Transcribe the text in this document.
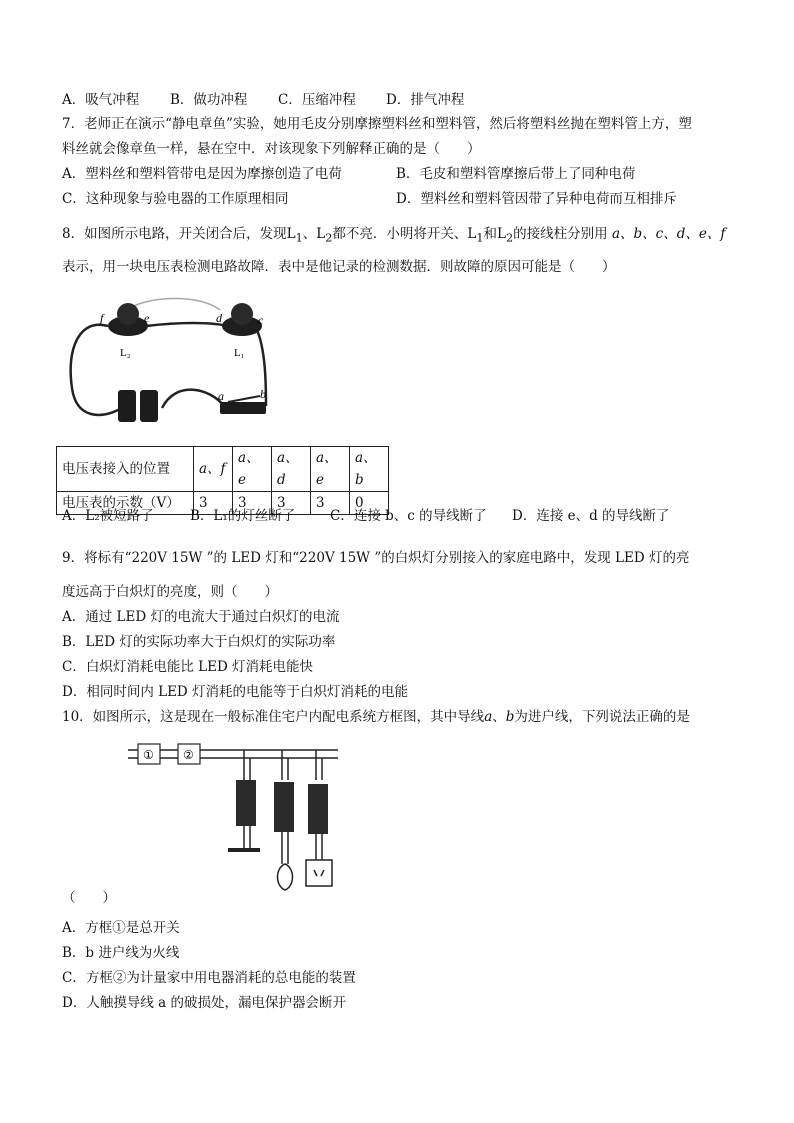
A．吸气冲程 B．做功冲程 C．压缩冲程 D．排气冲程
7．老师正在演示“静电章鱼”实验，她用毛皮分别摩擦塑料丝和塑料管，然后将塑料丝抛在塑料管上方，塑
料丝就会像章鱼一样，悬在空中．对该现象下列解释正确的是（　　）
A．塑料丝和塑料管带电是因为摩擦创造了电荷	B．毛皮和塑料管摩擦后带上了同种电荷
C．这种现象与验电器的工作原理相同	D．塑料丝和塑料管因带了异种电荷而互相排斥
8．如图所示电路，开关闭合后，发现$L_1$、$L_2$都不亮．小明将开关、$L_1$和$L_2$的接线柱分别用 a、b、c、d、e、f
表示，用一块电压表检测电路故障．表中是他记录的检测数据．则故障的原因可能是（　　）
f	e	d	c
L₂	L₁
a	b
电压表接入的位置	a、f	a、e	a、d	a、e	a、b
电压表的示数（V）	3	3	3	3	0
A．L₂被短路了	B．L₁的灯丝断了	C．连接 b、c 的导线断了 D．连接 e、d 的导线断了
9．将标有“220V 15W ”的 LED 灯和“220V 15W ”的白炽灯分别接入的家庭电路中，发现 LED 灯的亮
度远高于白炽灯的亮度，则（　　）
A．通过 LED 灯的电流大于通过白炽灯的电流
B．LED 灯的实际功率大于白炽灯的实际功率
C．白炽灯消耗电能比 LED 灯消耗电能快
D．相同时间内 LED 灯消耗的电能等于白炽灯消耗的电能
10．如图所示，这是现在一般标准住宅户内配电系统方框图，其中导线a、b为进户线，下列说法正确的是
① ②
（　　）
A．方框①是总开关
B．b 进户线为火线
C．方框②为计量家中用电器消耗的总电能的装置
D．人触摸导线 a 的破损处，漏电保护器会断开
